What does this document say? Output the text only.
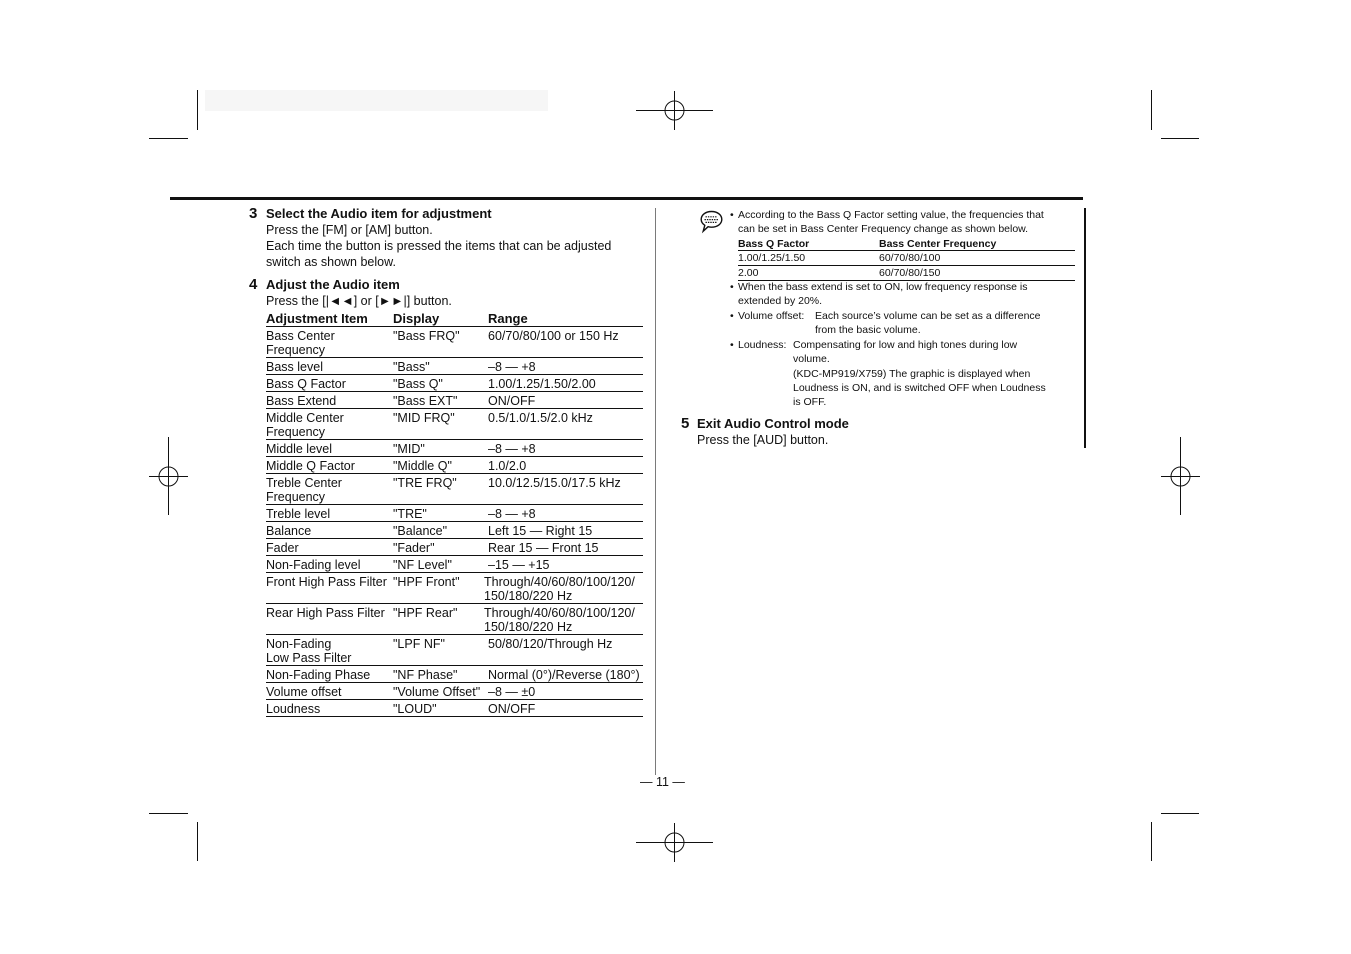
3 Select the Audio item for adjustment
Press the [FM] or [AM] button.
Each time the button is pressed the items that can be adjusted
switch as shown below.
4 Adjust the Audio item
Press the [|◄◄] or [►►|] button.
Adjustment Item	Display	Range
Bass Center
Frequency	"Bass FRQ"	60/70/80/100 or 150 Hz
Bass level	"Bass"	–8 — +8
Bass Q Factor	"Bass Q"	1.00/1.25/1.50/2.00
Bass Extend	"Bass EXT"	ON/OFF
Middle Center
Frequency	"MID FRQ"	0.5/1.0/1.5/2.0 kHz
Middle level	"MID"	–8 — +8
Middle Q Factor	"Middle Q"	1.0/2.0
Treble Center
Frequency	"TRE FRQ"	10.0/12.5/15.0/17.5 kHz
Treble level	"TRE"	–8 — +8
Balance	"Balance"	Left 15 — Right 15
Fader	"Fader"	Rear 15 — Front 15
Non-Fading level	"NF Level"	–15 — +15
Front High Pass Filter	"HPF Front"	Through/40/60/80/100/120/
150/180/220 Hz
Rear High Pass Filter	"HPF Rear"	Through/40/60/80/100/120/
150/180/220 Hz
Non-Fading
Low Pass Filter	"LPF NF"	50/80/120/Through Hz
Non-Fading Phase	"NF Phase"	Normal (0°)/Reverse (180°)
Volume offset	"Volume Offset"	–8 — ±0
Loudness	"LOUD"	ON/OFF
• According to the Bass Q Factor setting value, the frequencies that
can be set in Bass Center Frequency change as shown below.
Bass Q Factor	Bass Center Frequency
1.00/1.25/1.50	60/70/80/100
2.00	60/70/80/150
• When the bass extend is set to ON, low frequency response is
extended by 20%.
• Volume offset: Each source’s volume can be set as a difference
from the basic volume.
• Loudness: Compensating for low and high tones during low
volume.
(KDC-MP919/X759) The graphic is displayed when
Loudness is ON, and is switched OFF when Loudness
is OFF.
5 Exit Audio Control mode
Press the [AUD] button.
— 11 —
